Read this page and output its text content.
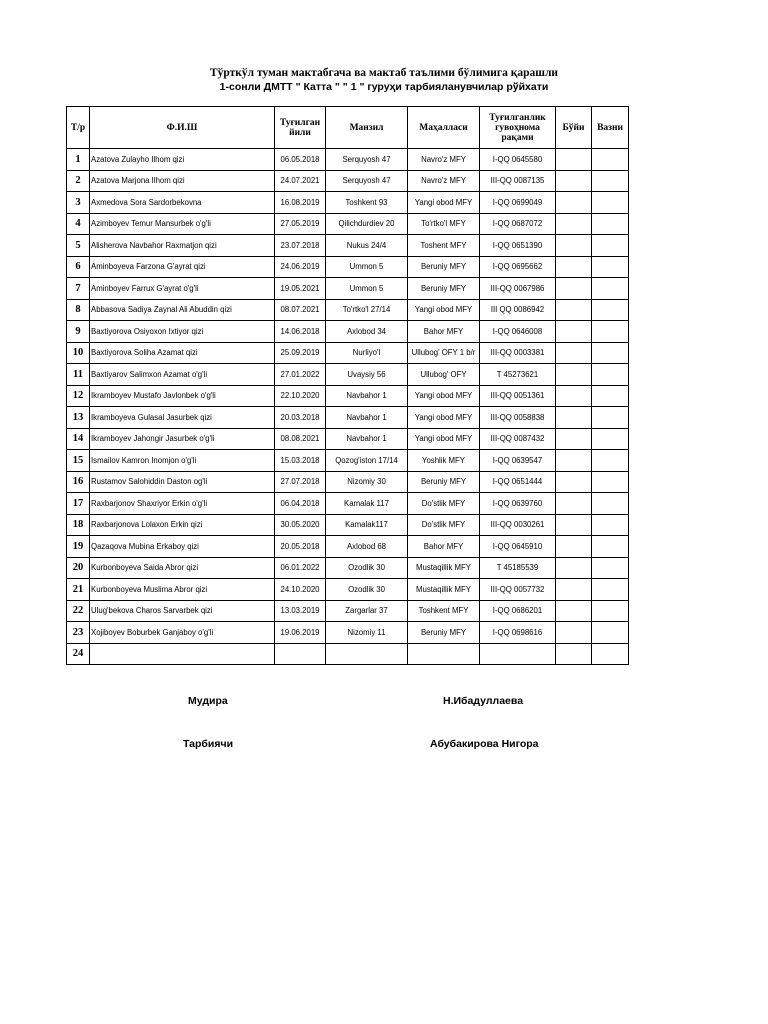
Тўрткўл туман мактабгача ва мактаб таълими бўлимига қарашли
1-сонли ДМТТ " Катта " " 1 " гуруҳи тарбияланувчилар рўйхати
Т/р	Ф.И.Ш	Туғилган йили	Манзил	Маҳалласи	Туғилганлик гувоҳнома рақами	Бўйи	Вазни
1	Azatova Zulayho Ilhom qizi	06.05.2018	Serquyosh 47	Navro'z MFY	I-QQ 0645580		
2	Azatova Marjona Ilhom qizi	24.07.2021	Serquyosh 47	Navro'z MFY	III-QQ 0087135		
3	Axmedova Sora Sardorbekovna	16.08.2019	Toshkent 93	Yangi obod MFY	I-QQ 0699049		
4	Azimboyev Temur Mansurbek o'g'li	27.05.2019	Qilichdurdiev 20	To'rtko'l MFY	I-QQ 0687072		
5	Alisherova Navbahor Raxmatjon qizi	23.07.2018	Nukus 24/4	Toshent MFY	I-QQ 0651390		
6	Aminboyeva Farzona G'ayrat qizi	24.06.2019	Ummon 5	Beruniy MFY	I-QQ 0695662		
7	Aminboyev Farrux G'ayrat o'g'li	19.05.2021	Ummon 5	Beruniy MFY	III-QQ 0067986		
8	Abbasova Sadiya Zaynal Ali Abuddin qizi	08.07.2021	To'rtko'l 27/14	Yangi obod MFY	III QQ 0086942		
9	Baxtiyorova Osiyoxon Ixtiyor qizi	14.06.2018	Axlobod 34	Bahor MFY	I-QQ 0646008		
10	Baxtiyorova Soliha Azamat qizi	25.09.2019	Nurliyo'l	Ullubog' OFY 1 b/r	III-QQ 0003381		
11	Baxtiyarov Salimxon Azamat o'g'li	27.01.2022	Uvaysiy 56	Ullubog' OFY	T 45273621		
12	Ikramboyev Mustafo Javlonbek o'g'li	22.10.2020	Navbahor 1	Yangi obod MFY	III-QQ 0051361		
13	Ikramboyeva Gulasal Jasurbek qizi	20.03.2018	Navbahor 1	Yangi obod MFY	III-QQ 0058838		
14	Ikramboyev Jahongir Jasurbek o'g'li	08.08.2021	Navbahor 1	Yangi obod MFY	III-QQ 0087432		
15	Ismailov Kamron Inomjon o'g'li	15.03.2018	Qozog'iston 17/14	Yoshlik MFY	I-QQ 0639547		
16	Rustamov Salohiddin Daston og'li	27.07.2018	Nizomiy 30	Beruniy MFY	I-QQ 0651444		
17	Raxbarjonov Shaxriyor Erkin o'g'li	06.04.2018	Kamalak 117	Do'stlik MFY	I-QQ 0639760		
18	Raxbarjonova Lolaxon Erkin qizi	30.05.2020	Kamalak117	Do'stlik MFY	III-QQ 0030261		
19	Qazaqova Mubina Erkaboy qizi	20.05.2018	Axlobod 68	Bahor MFY	I-QQ 0645910		
20	Kurbonboyeva Saida Abror qizi	06.01.2022	Ozodlik 30	Mustaqillik MFY	T 45185539		
21	Kurbonboyeva Muslima Abror qizi	24.10.2020	Ozodlik 30	Mustaqillik MFY	III-QQ 0057732		
22	Ulug'bekova Charos Sarvarbek qizi	13.03.2019	Zargarlar 37	Toshkent MFY	I-QQ 0686201		
23	Xojiboyev Boburbek Ganjaboy o'g'li	19.06.2019	Nizomiy 11	Beruniy MFY	I-QQ 0698616		
24							
Мудира	Н.Ибадуллаева
Тарбиячи	Абубакирова Нигора
